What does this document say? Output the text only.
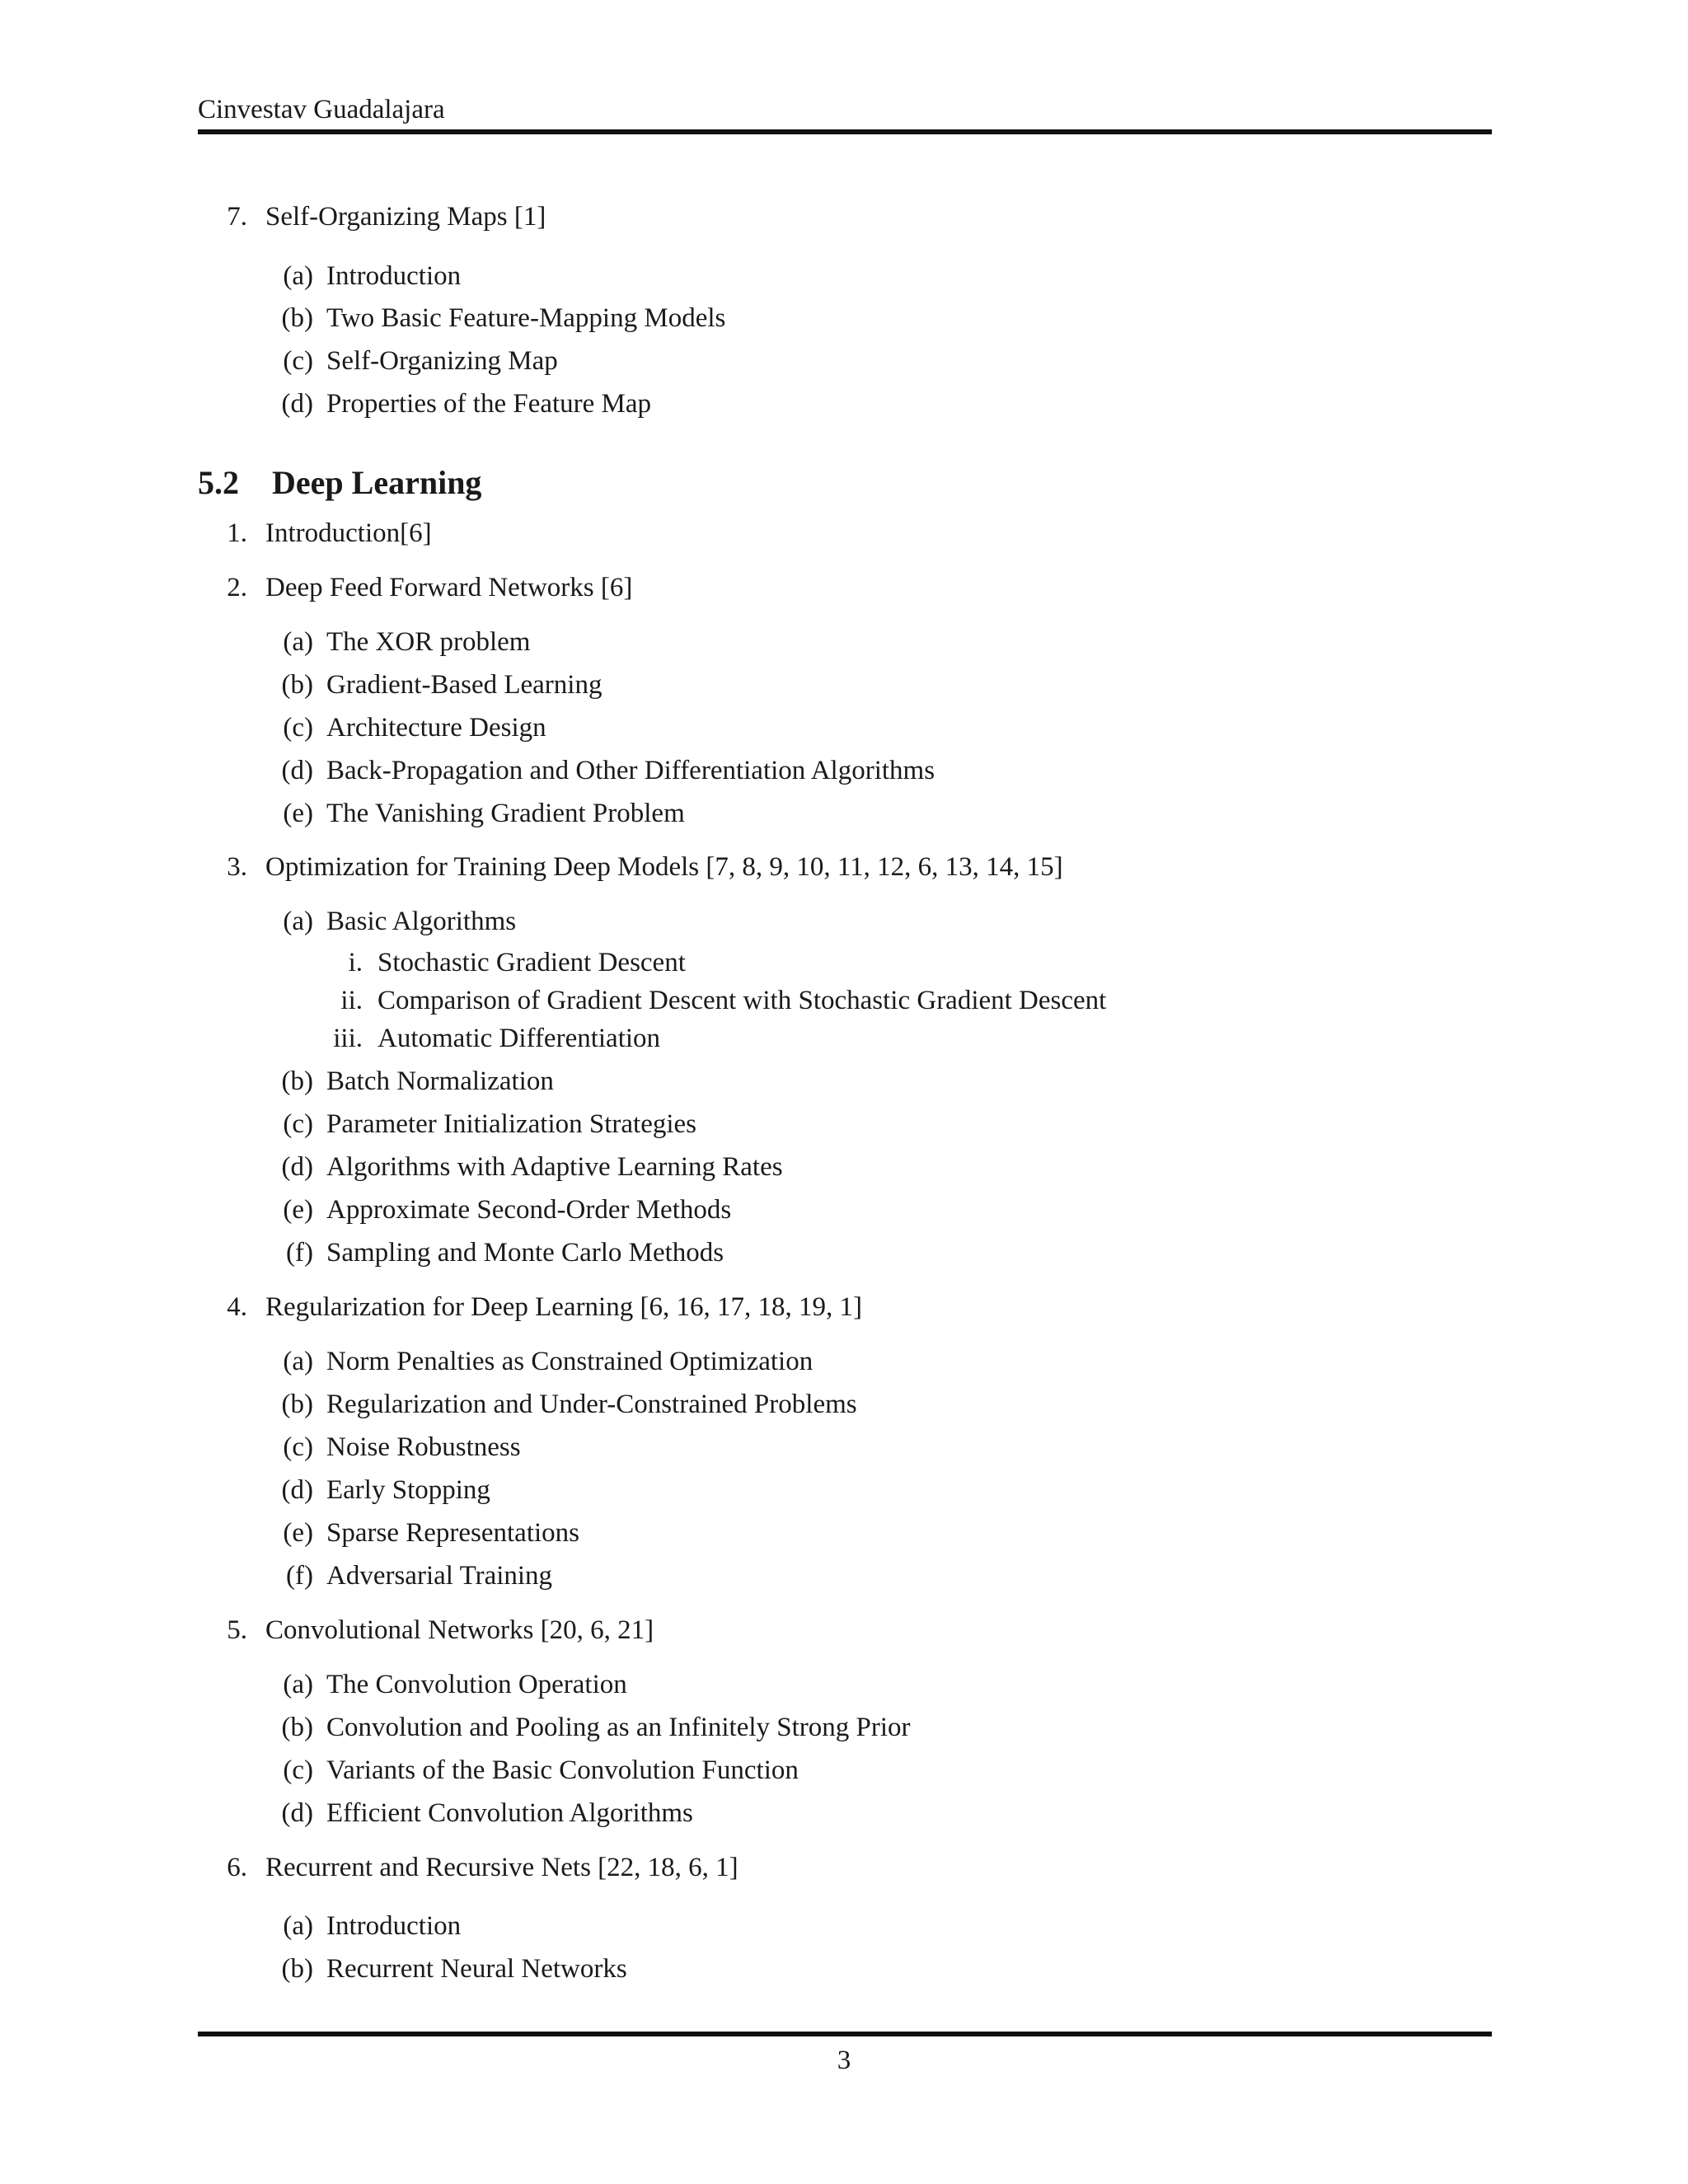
Cinvestav Guadalajara
7. Self-Organizing Maps [1]
(a) Introduction
(b) Two Basic Feature-Mapping Models
(c) Self-Organizing Map
(d) Properties of the Feature Map
5.2 Deep Learning
1. Introduction[6]
2. Deep Feed Forward Networks [6]
(a) The XOR problem
(b) Gradient-Based Learning
(c) Architecture Design
(d) Back-Propagation and Other Differentiation Algorithms
(e) The Vanishing Gradient Problem
3. Optimization for Training Deep Models [7, 8, 9, 10, 11, 12, 6, 13, 14, 15]
(a) Basic Algorithms
i. Stochastic Gradient Descent
ii. Comparison of Gradient Descent with Stochastic Gradient Descent
iii. Automatic Differentiation
(b) Batch Normalization
(c) Parameter Initialization Strategies
(d) Algorithms with Adaptive Learning Rates
(e) Approximate Second-Order Methods
(f) Sampling and Monte Carlo Methods
4. Regularization for Deep Learning [6, 16, 17, 18, 19, 1]
(a) Norm Penalties as Constrained Optimization
(b) Regularization and Under-Constrained Problems
(c) Noise Robustness
(d) Early Stopping
(e) Sparse Representations
(f) Adversarial Training
5. Convolutional Networks [20, 6, 21]
(a) The Convolution Operation
(b) Convolution and Pooling as an Infinitely Strong Prior
(c) Variants of the Basic Convolution Function
(d) Efficient Convolution Algorithms
6. Recurrent and Recursive Nets [22, 18, 6, 1]
(a) Introduction
(b) Recurrent Neural Networks
3
